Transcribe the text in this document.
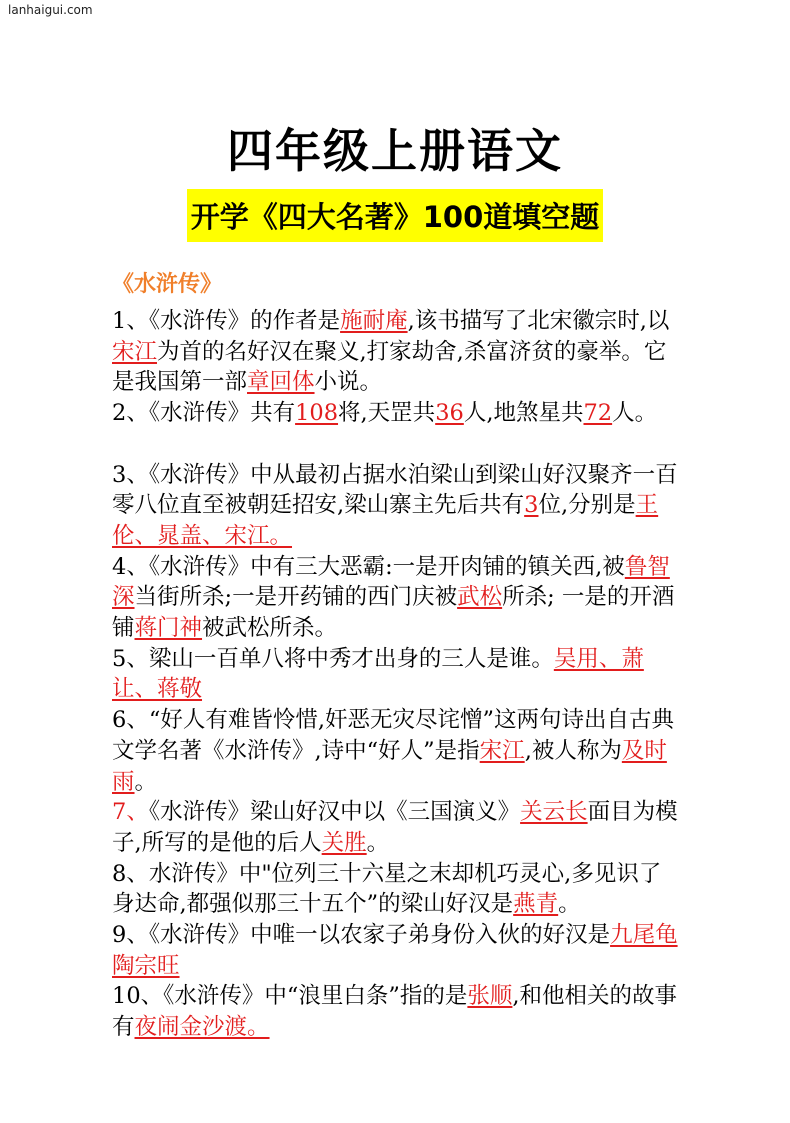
lanhaigui.com
四年级上册语文
开学《四大名著》100道填空题
《水浒传》

1、《水浒传》的作者是施耐庵,该书描写了北宋徽宗时,以宋江为首的名好汉在聚义,打家劫舍,杀富济贫的豪举。它是我国第一部章回体小说。

2、《水浒传》共有108将,天罡共36人,地煞星共72人。

3、《水浒传》中从最初占据水泊梁山到梁山好汉聚齐一百零八位直至被朝廷招安,梁山寨主先后共有3位,分别是王伦、晁盖、宋江。

4、《水浒传》中有三大恶霸:一是开肉铺的镇关西,被鲁智深当街所杀;一是开药铺的西门庆被武松所杀; 一是的开酒铺蒋门神被武松所杀。

5、梁山一百单八将中秀才出身的三人是谁。吴用、萧让、蒋敬

6、“好人有难皆怜惜,奸恶无灾尽诧憎”这两句诗出自古典文学名著《水浒传》,诗中“好人”是指宋江,被人称为及时雨。

7、《水浒传》梁山好汉中以《三国演义》关云长面目为模子,所写的是他的后人关胜。

8、水浒传》中"位列三十六星之末却机巧灵心,多见识了身达命,都强似那三十五个”的梁山好汉是燕青。

9、《水浒传》中唯一以农家子弟身份入伙的好汉是九尾龟陶宗旺

10、《水浒传》中“浪里白条”指的是张顺,和他相关的故事有夜闹金沙渡。
